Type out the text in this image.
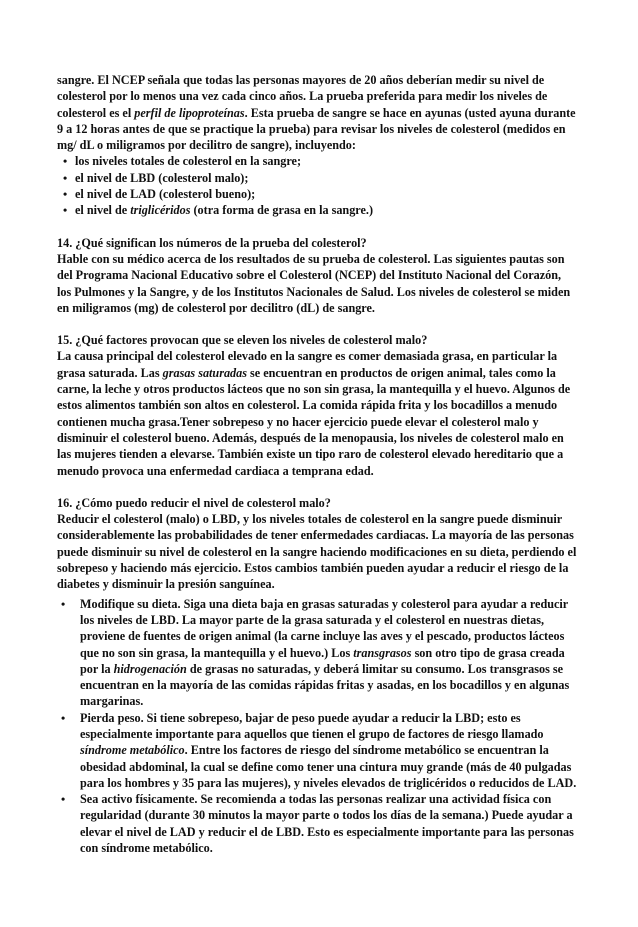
sangre. El NCEP señala que todas las personas mayores de 20 años deberían medir su nivel de colesterol por lo menos una vez cada cinco años. La prueba preferida para medir los niveles de colesterol es el perfil de lipoproteínas. Esta prueba de sangre se hace en ayunas (usted ayuna durante 9 a 12 horas antes de que se practique la prueba) para revisar los niveles de colesterol (medidos en mg/ dL o miligramos por decilitro de sangre), incluyendo:

• los niveles totales de colesterol en la sangre;
• el nivel de LBD (colesterol malo);
• el nivel de LAD (colesterol bueno);
• el nivel de triglicéridos (otra forma de grasa en la sangre.)

14. ¿Qué significan los números de la prueba del colesterol?

Hable con su médico acerca de los resultados de su prueba de colesterol. Las siguientes pautas son del Programa Nacional Educativo sobre el Colesterol (NCEP) del Instituto Nacional del Corazón, los Pulmones y la Sangre, y de los Institutos Nacionales de Salud. Los niveles de colesterol se miden en miligramos (mg) de colesterol por decilitro (dL) de sangre.

15. ¿Qué factores provocan que se eleven los niveles de colesterol malo?

La causa principal del colesterol elevado en la sangre es comer demasiada grasa, en particular la grasa saturada. Las grasas saturadas se encuentran en productos de origen animal, tales como la carne, la leche y otros productos lácteos que no son sin grasa, la mantequilla y el huevo. Algunos de estos alimentos también son altos en colesterol. La comida rápida frita y los bocadillos a menudo contienen mucha grasa.Tener sobrepeso y no hacer ejercicio puede elevar el colesterol malo y disminuir el colesterol bueno. Además, después de la menopausia, los niveles de colesterol malo en las mujeres tienden a elevarse. También existe un tipo raro de colesterol elevado hereditario que a menudo provoca una enfermedad cardiaca a temprana edad.

16. ¿Cómo puedo reducir el nivel de colesterol malo?

Reducir el colesterol (malo) o LBD, y los niveles totales de colesterol en la sangre puede disminuir considerablemente las probabilidades de tener enfermedades cardiacas. La mayoría de las personas puede disminuir su nivel de colesterol en la sangre haciendo modificaciones en su dieta, perdiendo el sobrepeso y haciendo más ejercicio. Estos cambios también pueden ayudar a reducir el riesgo de la diabetes y disminuir la presión sanguínea.

• Modifique su dieta. Siga una dieta baja en grasas saturadas y colesterol para ayudar a reducir los niveles de LBD. La mayor parte de la grasa saturada y el colesterol en nuestras dietas, proviene de fuentes de origen animal (la carne incluye las aves y el pescado, productos lácteos que no son sin grasa, la mantequilla y el huevo.) Los transgrasos son otro tipo de grasa creada por la hidrogenación de grasas no saturadas, y deberá limitar su consumo. Los transgrasos se encuentran en la mayoría de las comidas rápidas fritas y asadas, en los bocadillos y en algunas margarinas.
• Pierda peso. Si tiene sobrepeso, bajar de peso puede ayudar a reducir la LBD; esto es especialmente importante para aquellos que tienen el grupo de factores de riesgo llamado síndrome metabólico. Entre los factores de riesgo del síndrome metabólico se encuentran la obesidad abdominal, la cual se define como tener una cintura muy grande (más de 40 pulgadas para los hombres y 35 para las mujeres), y niveles elevados de triglicéridos o reducidos de LAD.
• Sea activo físicamente. Se recomienda a todas las personas realizar una actividad física con regularidad (durante 30 minutos la mayor parte o todos los días de la semana.) Puede ayudar a elevar el nivel de LAD y reducir el de LBD. Esto es especialmente importante para las personas con síndrome metabólico.
